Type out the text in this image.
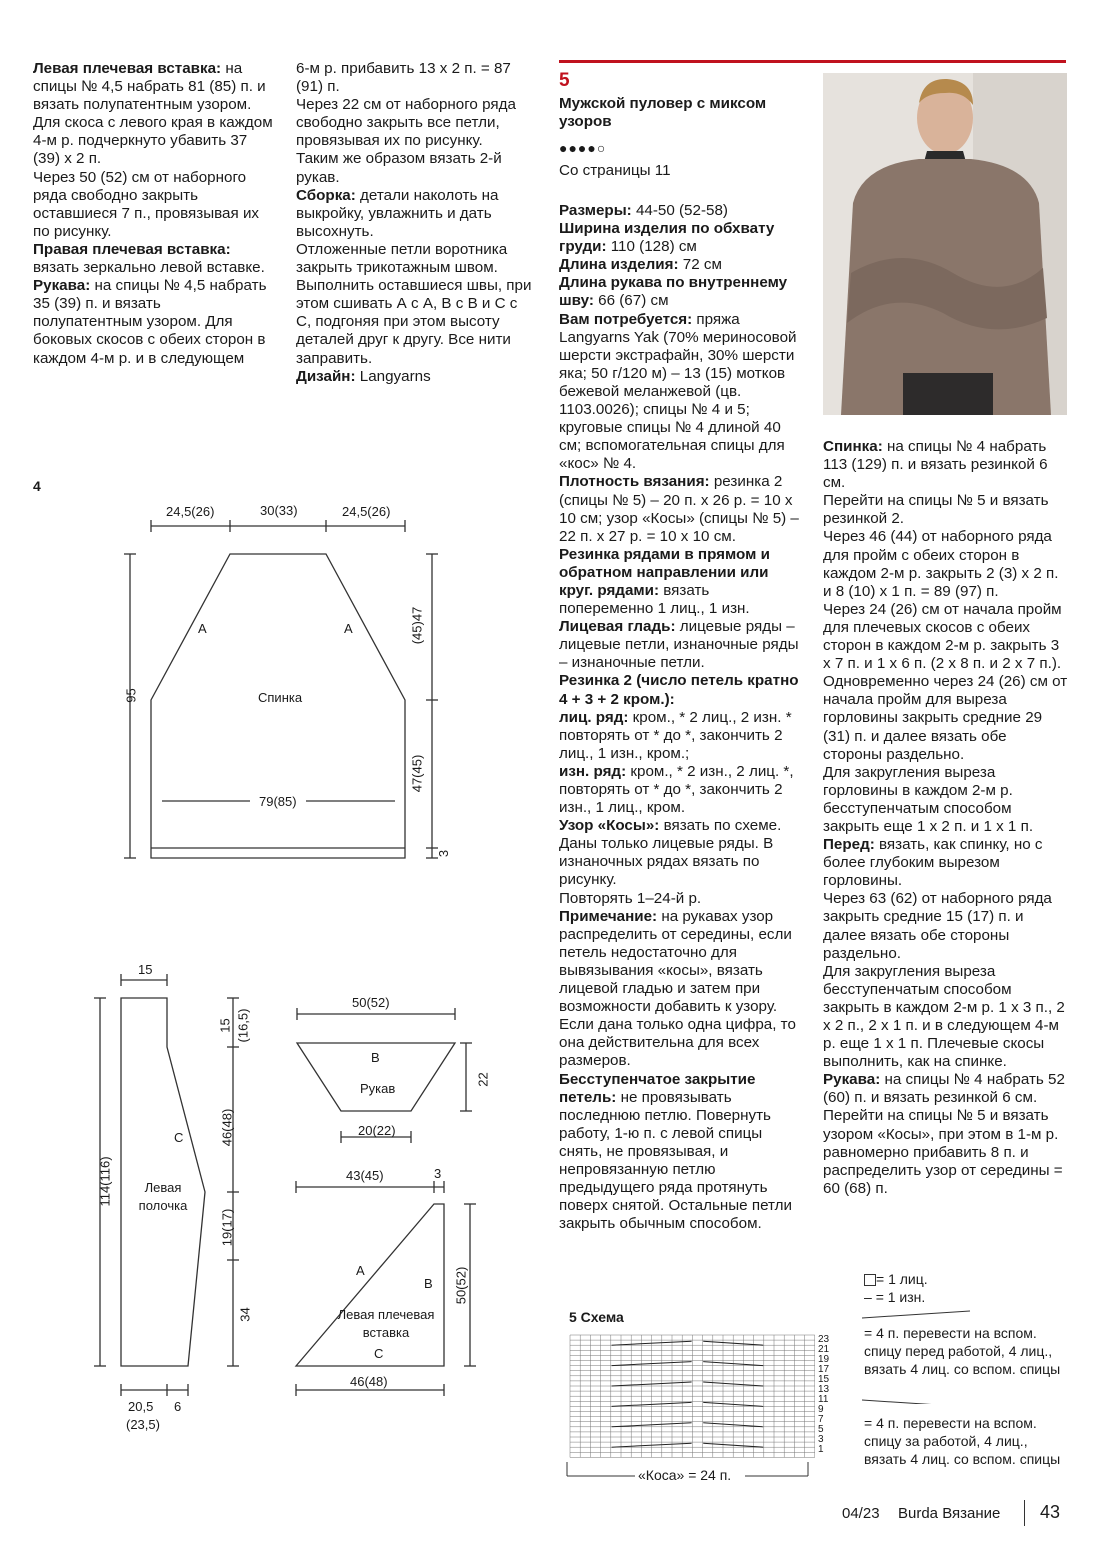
Левая плечевая вставка: на спицы № 4,5 набрать 81 (85) п. и вязать полупатентным узором.

Для скоса с левого края в каждом 4-м р. подчеркнуто убавить 37 (39) х 2 п.

Через 50 (52) см от наборного ряда свободно закрыть оставшиеся 7 п., провязывая их по рисунку.

Правая плечевая вставка: вязать зеркально левой вставке.

Рукава: на спицы № 4,5 набрать 35 (39) п. и вязать полупатентным узором. Для боковых скосов с обеих сторон в каждом 4-м р. и в следующем

6-м р. прибавить 13 х 2 п. = 87 (91) п.

Через 22 см от наборного ряда свободно закрыть все петли, провязывая их по рисунку.

Таким же образом вязать 2-й рукав.

Сборка: детали наколоть на выкройку, увлажнить и дать высохнуть.

Отложенные петли воротника закрыть трикотажным швом. Выполнить оставшиеся швы, при этом сшивать А с А, В с В и С с С, подгоняя при этом высоту деталей друг к другу. Все нити заправить.

Дизайн: Langyarns

5
Мужской пуловер с миксом узоров
●●●●○
Со страницы 11

Размеры: 44-50 (52-58)

Ширина изделия по обхвату груди: 110 (128) см

Длина изделия: 72 см

Длина рукава по внутреннему шву: 66 (67) см

Вам потребуется: пряжа Langyarns Yak (70% мериносовой шерсти экстрафайн, 30% шерсти яка; 50 г/120 м) – 13 (15) мотков бежевой меланжевой (цв. 1103.0026); спицы № 4 и 5; круговые спицы № 4 длиной 40 см; вспомогательная спицы для «кос» № 4.

Плотность вязания: резинка 2 (спицы № 5) – 20 п. х 26 р. = 10 х 10 см; узор «Косы» (спицы № 5) – 22 п. х 27 р. = 10 х 10 см.

Резинка рядами в прямом и обратном направлении или круг. рядами: вязать попеременно 1 лиц., 1 изн.

Лицевая гладь: лицевые ряды – лицевые петли, изнаночные ряды – изнаночные петли.

Резинка 2 (число петель кратно 4 + 3 + 2 кром.):

лиц. ряд: кром., * 2 лиц., 2 изн. * повторять от * до *, закончить 2 лиц., 1 изн., кром.;

изн. ряд: кром., * 2 изн., 2 лиц. *, повторять от * до *, закончить 2 изн., 1 лиц., кром.

Узор «Косы»: вязать по схеме. Даны только лицевые ряды. В изнаночных рядах вязать по рисунку.

Повторять 1–24-й р.

Примечание: на рукавах узор распределить от середины, если петель недостаточно для вывязывания «косы», вязать лицевой гладью и затем при возможности добавить к узору. Если дана только одна цифра, то она действительна для всех размеров.

Бесступенчатое закрытие петель: не провязывать последнюю петлю. Повернуть работу, 1-ю п. с левой спицы снять, не провязывая, и непровязанную петлю предыдущего ряда протянуть поверх снятой. Остальные петли закрыть обычным способом.

Спинка: на спицы № 4 набрать 113 (129) п. и вязать резинкой 6 см.

Перейти на спицы № 5 и вязать резинкой 2.

Через 46 (44) от наборного ряда для пройм с обеих сторон в каждом 2-м р. закрыть 2 (3) х 2 п. и 8 (10) х 1 п. = 89 (97) п.

Через 24 (26) см от начала пройм для плечевых скосов с обеих сторон в каждом 2-м р. закрыть 3 х 7 п. и 1 х 6 п. (2 х 8 п. и 2 х 7 п.).

Одновременно через 24 (26) см от начала пройм для выреза горловины закрыть средние 29 (31) п. и далее вязать обе стороны раздельно.

Для закругления выреза горловины в каждом 2-м р. бесступенчатым способом закрыть еще 1 х 2 п. и 1 х 1 п.

Перед: вязать, как спинку, но с более глубоким вырезом горловины.

Через 63 (62) от наборного ряда закрыть средние 15 (17) п. и далее вязать обе стороны раздельно.

Для закругления выреза бесступенчатым способом закрыть в каждом 2-м р. 1 х 3 п., 2 х 2 п., 2 х 1 п. и в следующем 4-м р. еще 1 х 1 п. Плечевые скосы выполнить, как на спинке.

Рукава: на спицы № 4 набрать 52 (60) п. и вязать резинкой 6 см.

Перейти на спицы № 5 и вязать узором «Косы», при этом в 1-м р. равномерно прибавить 8 п. и распределить узор от середины = 60 (68) п.

4
24,5(26)	30(33)	24,5(26)
95
(45)47
47(45)
3
79(85)
Спинка
A	A
15
114(116)
15 (16,5)
46(48)
19(17)
34
20,5
(23,5)
6
C
Левая полочка
50(52)
22
20(22)
B
Рукав
43(45)	3
50(52)
46(48)
A
B
C
Левая плечевая вставка
5 Схема
23
21
19
17
15
13
11
9
7
5
3
1
«Коса» = 24 п.
= 1 лиц.
– = 1 изн.
= 4 п. перевести на вспом. спицу перед работой, 4 лиц., вязать 4 лиц. со вспом. спицы
= 4 п. перевести на вспом. спицу за работой, 4 лиц., вязать 4 лиц. со вспом. спицы
04/23 Burda Вязание 43
